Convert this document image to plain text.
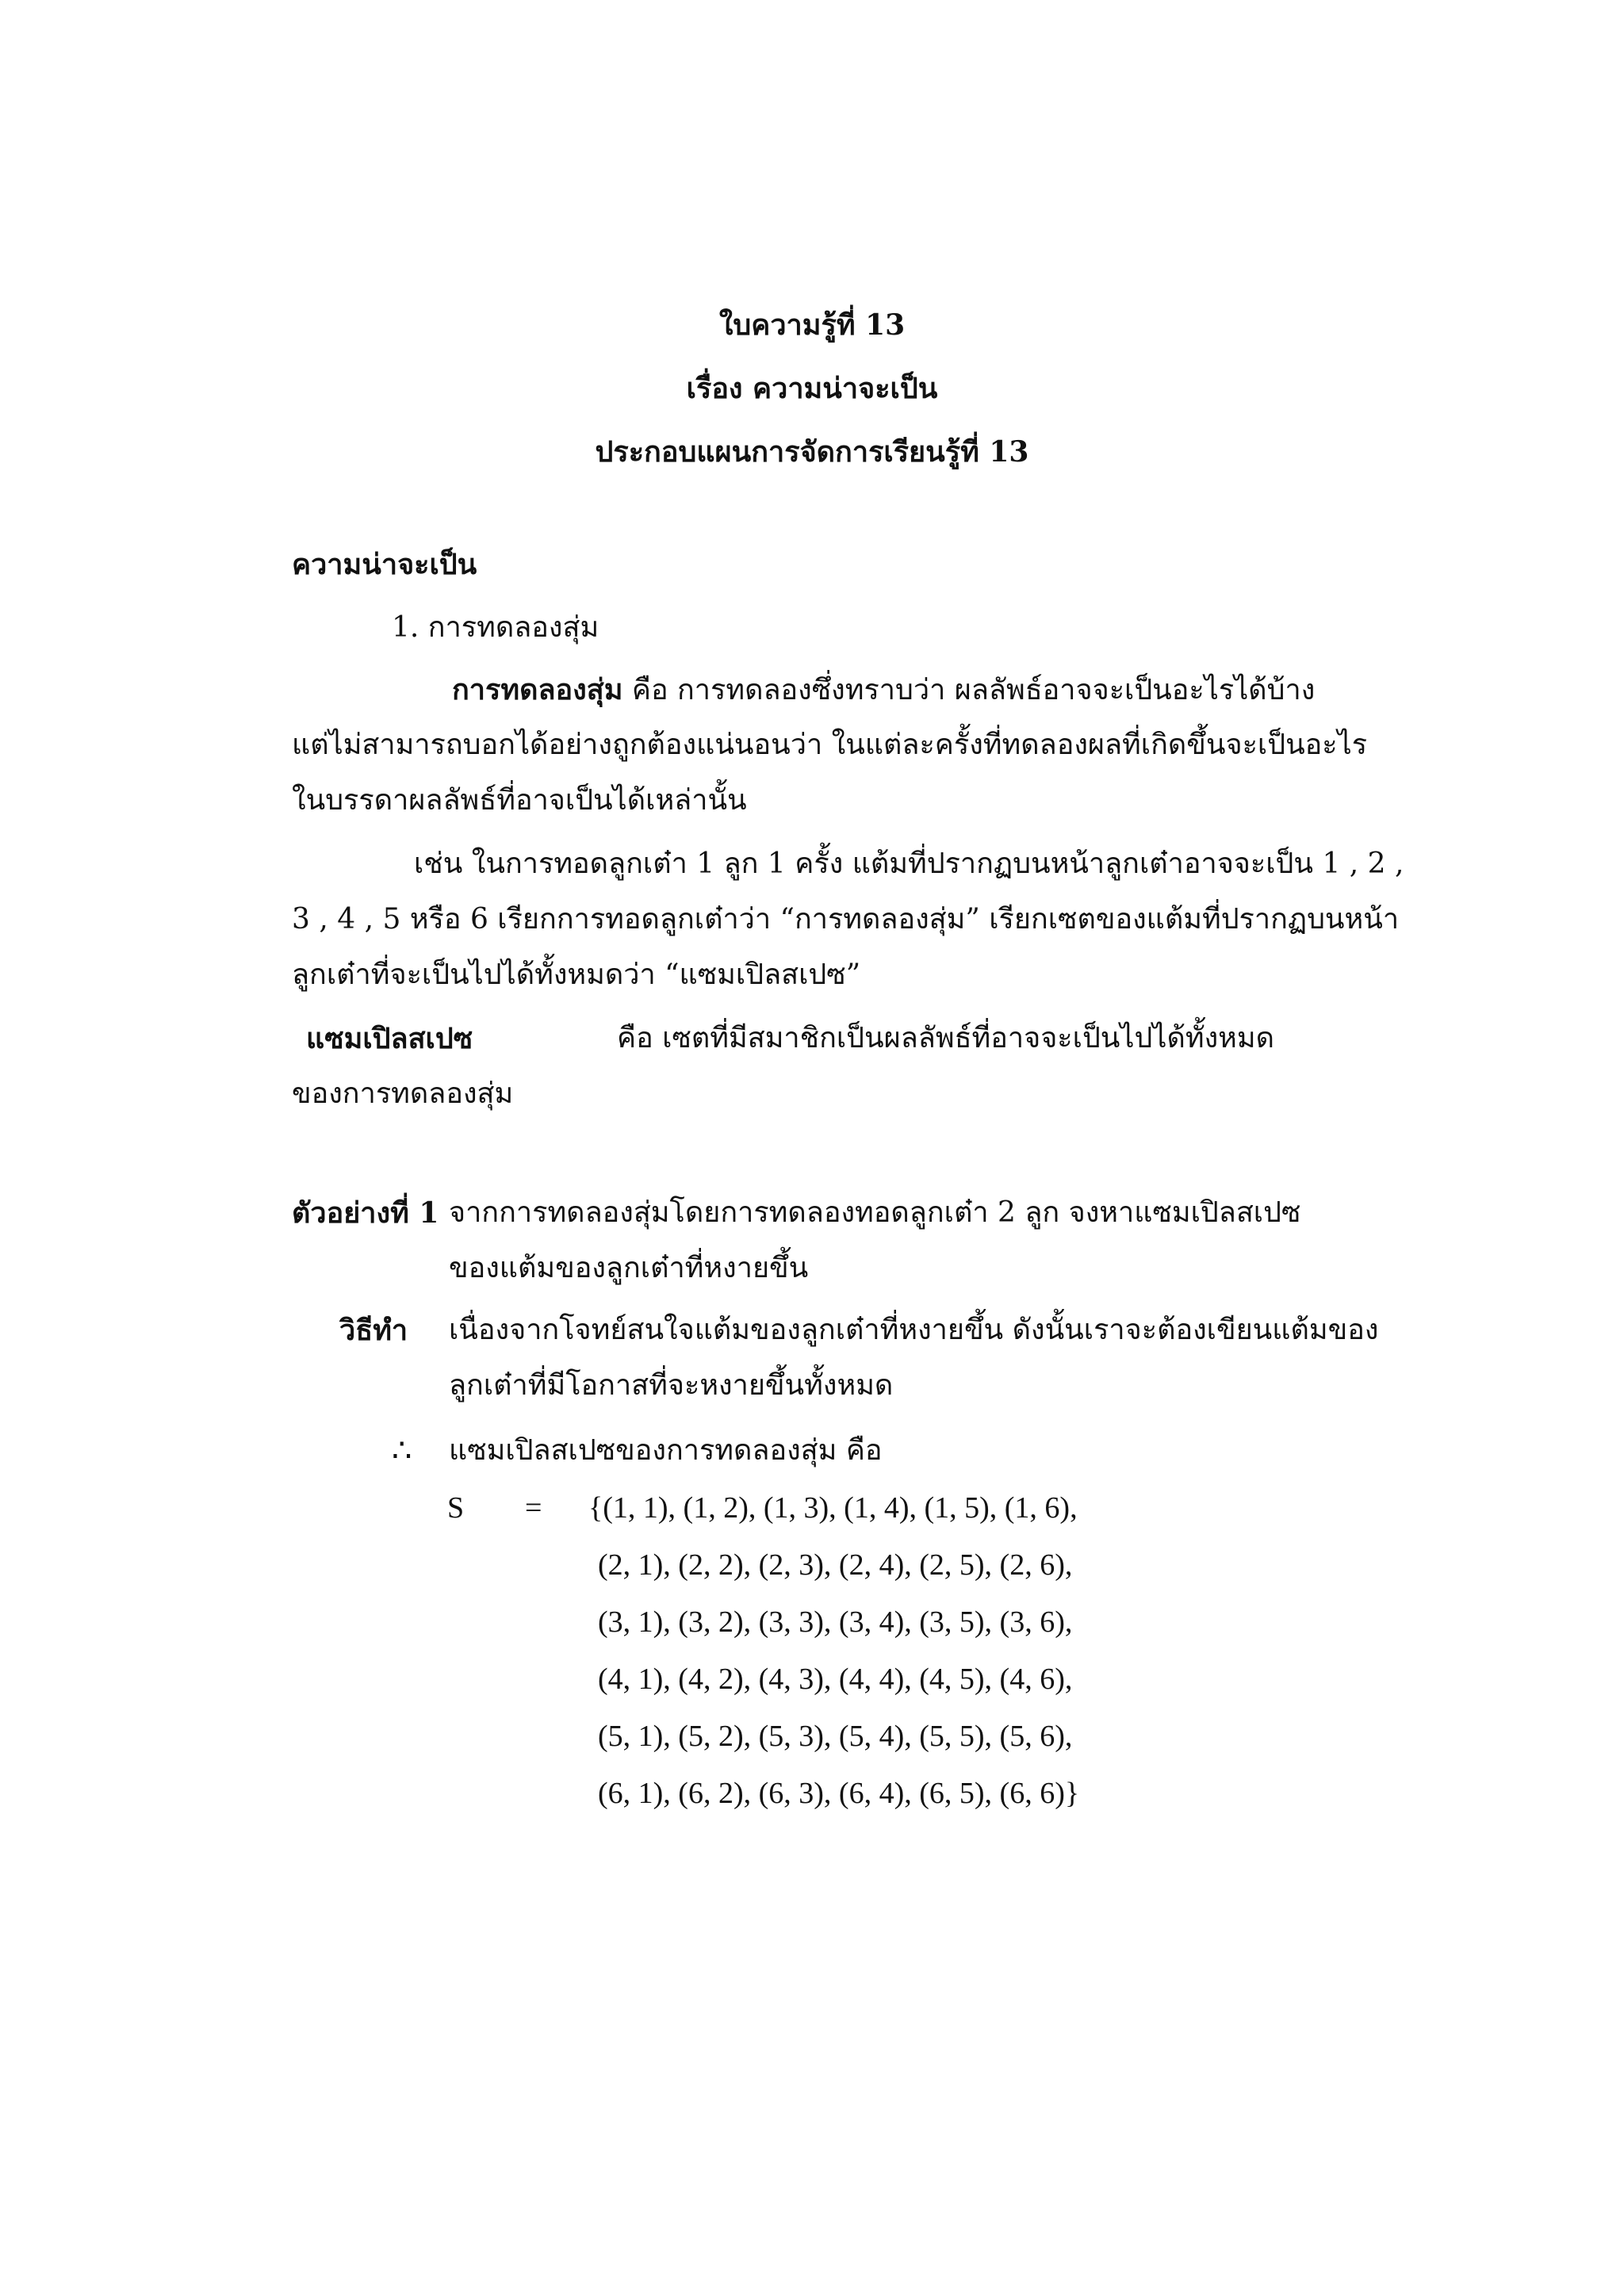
ใบความรู้ที่ 13
เรื่อง ความน่าจะเป็น
ประกอบแผนการจัดการเรียนรู้ที่ 13
ความน่าจะเป็น
1. การทดลองสุ่ม
การทดลองสุ่ม คือ การทดลองซึ่งทราบว่า ผลลัพธ์อาจจะเป็นอะไรได้บ้าง
แต่ไม่สามารถบอกได้อย่างถูกต้องแน่นอนว่า ในแต่ละครั้งที่ทดลองผลที่เกิดขึ้นจะเป็นอะไร
ในบรรดาผลลัพธ์ที่อาจเป็นได้เหล่านั้น
เช่น ในการทอดลูกเต๋า 1 ลูก 1 ครั้ง แต้มที่ปรากฏบนหน้าลูกเต๋าอาจจะเป็น 1 , 2 ,
3 , 4 , 5 หรือ 6 เรียกการทอดลูกเต๋าว่า “การทดลองสุ่ม” เรียกเซตของแต้มที่ปรากฏบนหน้า
ลูกเต๋าที่จะเป็นไปได้ทั้งหมดว่า “แซมเปิลสเปซ”
แซมเปิลสเปซ	คือ เซตที่มีสมาชิกเป็นผลลัพธ์ที่อาจจะเป็นไปได้ทั้งหมด
ของการทดลองสุ่ม
ตัวอย่างที่ 1 จากการทดลองสุ่มโดยการทดลองทอดลูกเต๋า 2 ลูก จงหาแซมเปิลสเปซ
ของแต้มของลูกเต๋าที่หงายขึ้น
วิธีทำ เนื่องจากโจทย์สนใจแต้มของลูกเต๋าที่หงายขึ้น ดังนั้นเราจะต้องเขียนแต้มของ
ลูกเต๋าที่มีโอกาสที่จะหงายขึ้นทั้งหมด
∴ แซมเปิลสเปซของการทดลองสุ่ม คือ
S = {(1, 1), (1, 2), (1, 3), (1, 4), (1, 5), (1, 6),
(2, 1), (2, 2), (2, 3), (2, 4), (2, 5), (2, 6),
(3, 1), (3, 2), (3, 3), (3, 4), (3, 5), (3, 6),
(4, 1), (4, 2), (4, 3), (4, 4), (4, 5), (4, 6),
(5, 1), (5, 2), (5, 3), (5, 4), (5, 5), (5, 6),
(6, 1), (6, 2), (6, 3), (6, 4), (6, 5), (6, 6)}
